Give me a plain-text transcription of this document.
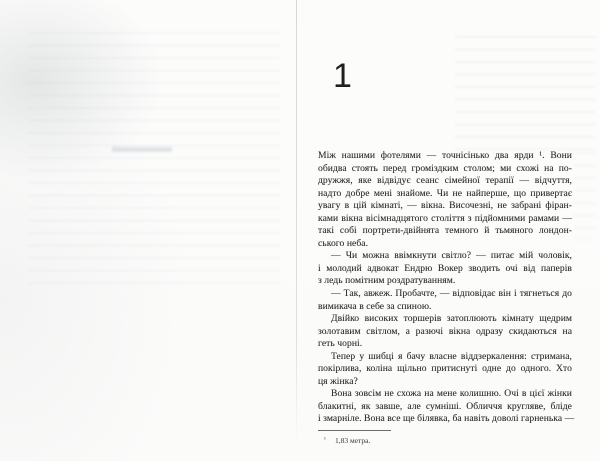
1
Між нашими фотелями — точнісінько два ярди ¹. Вони
обидва стоять перед громіздким столом; ми схожі на по-
дружжя, яке відвідує сеанс сімейної терапії — відчуття,
надто добре мені знайоме. Чи не найперше, що привертає
увагу в цій кімнаті, — вікна. Височезні, не забрані фіран-
ками вікна вісімнадцятого століття з підйомними рамами —
такі собі портрети-двійнята темного й тьмяного лондон-
ського неба.
— Чи можна ввімкнути світло? — питає мій чоловік,
і молодий адвокат Ендрю Вокер зводить очі від паперів
з ледь помітним роздратуванням.
— Так, авжеж. Пробачте, — відповідає він і тягнеться до
вимикача в себе за спиною.
Двійко високих торшерів затоплюють кімнату щедрим
золотавим світлом, а разючі вікна одразу скидаються на
геть чорні.
Тепер у шибці я бачу власне віддзеркалення: стримана,
покірлива, коліна щільно притиснуті одне до одного. Хто
ця жінка?
Вона зовсім не схожа на мене колишню. Очі в цієї жінки
блакитні, як завше, але сумніші. Обличчя кругляве, бліде
і змарніле. Вона все ще білявка, ба навіть доволі гарненька —
¹ 1,83 метра.
